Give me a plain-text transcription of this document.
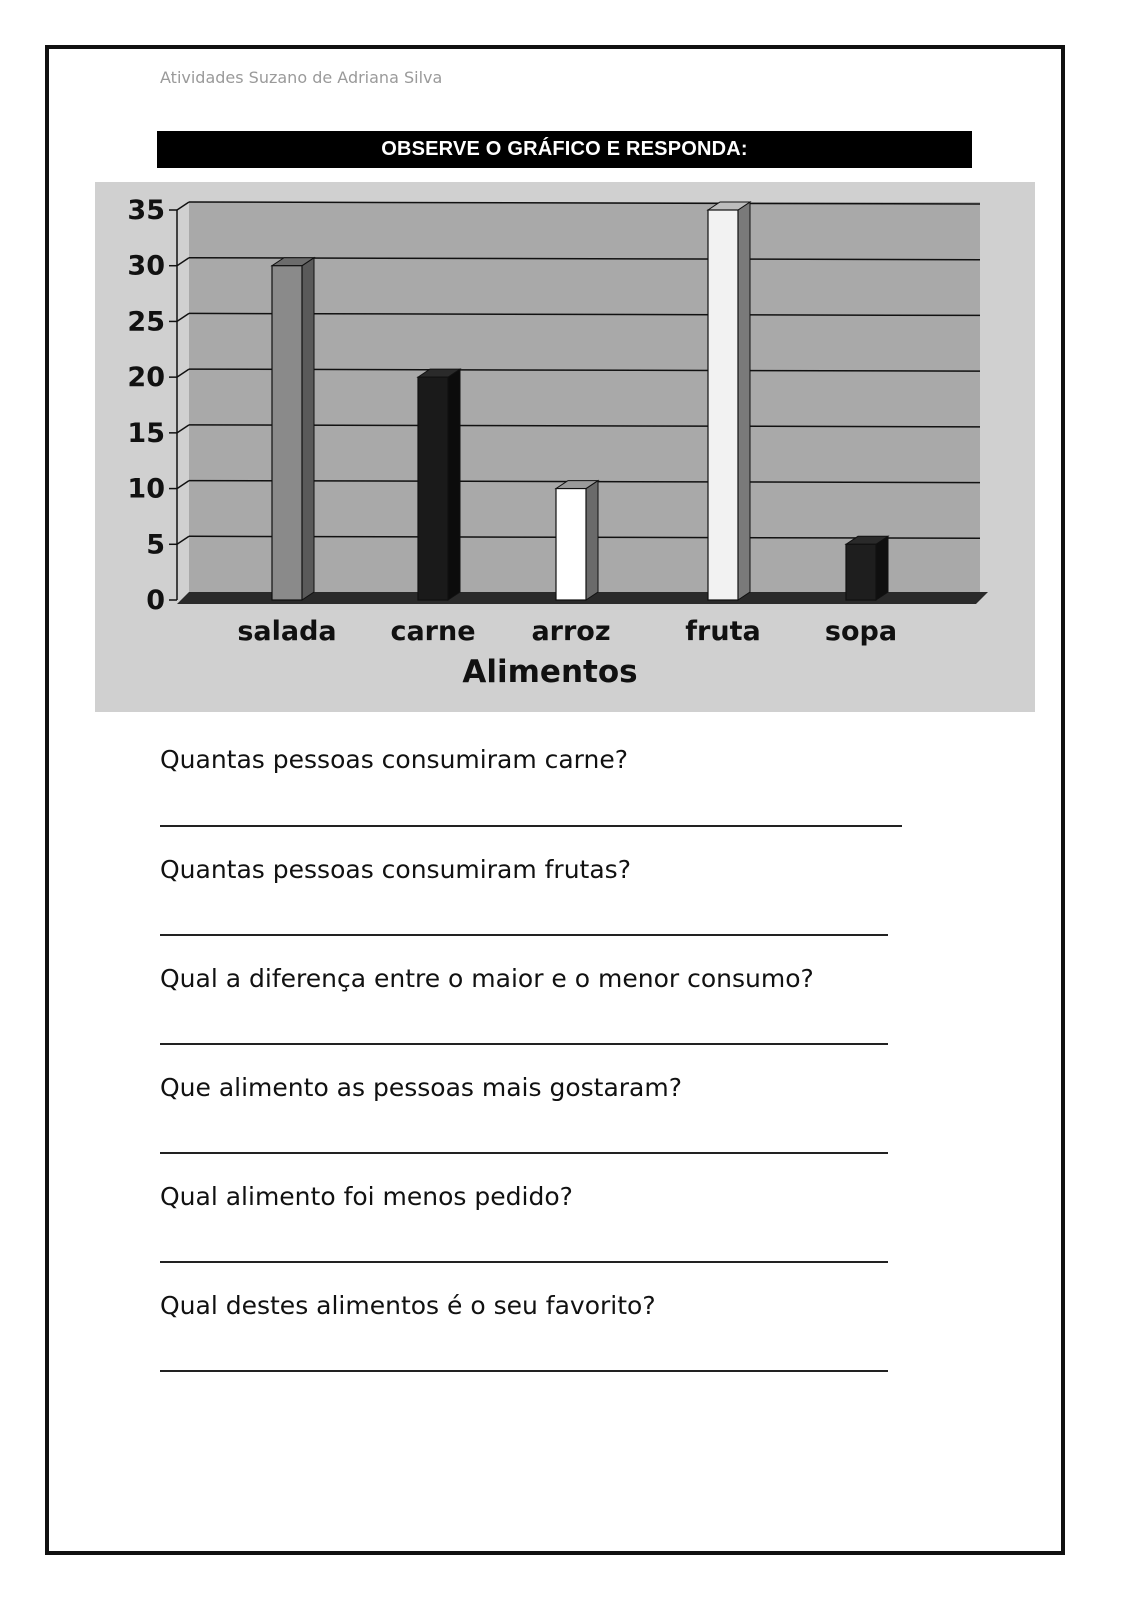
Atividades Suzano de Adriana Silva
OBSERVE O GRÁFICO E RESPONDA:
0
5
10
15
20
25
30
35
salada carne arroz	fruta sopa
Alimentos
Quantas pessoas consumiram carne?
Quantas pessoas consumiram frutas?
Qual a diferença entre o maior e o menor consumo?
Que alimento as pessoas mais gostaram?
Qual alimento foi menos pedido?
Qual destes alimentos é o seu favorito?
